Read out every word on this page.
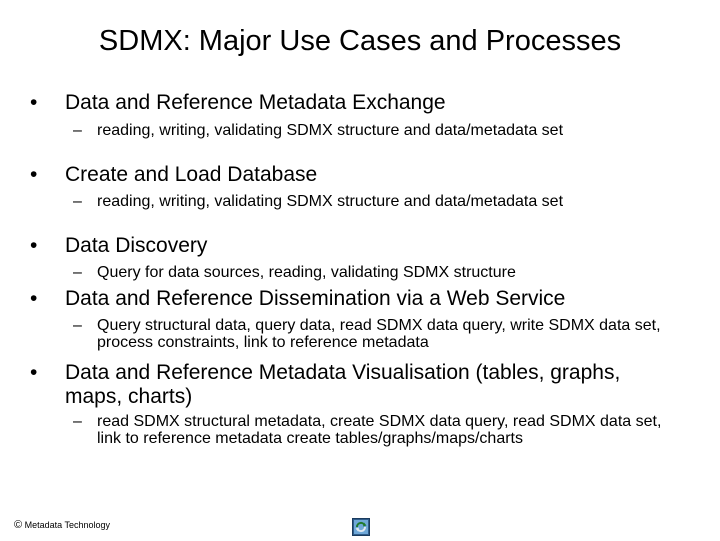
SDMX: Major Use Cases and Processes
• Data and Reference Metadata Exchange
– reading, writing, validating SDMX structure and data/metadata set
• Create and Load Database
– reading, writing, validating SDMX structure and data/metadata set
• Data Discovery
– Query for data sources, reading, validating SDMX structure
• Data and Reference Dissemination via a Web Service
– Query structural data, query data, read SDMX data query, write SDMX data set, process constraints, link to reference metadata
• Data and Reference Metadata Visualisation (tables, graphs, maps, charts)
– read SDMX structural metadata, create SDMX data query, read SDMX data set, link to reference metadata create tables/graphs/maps/charts
© Metadata Technology
